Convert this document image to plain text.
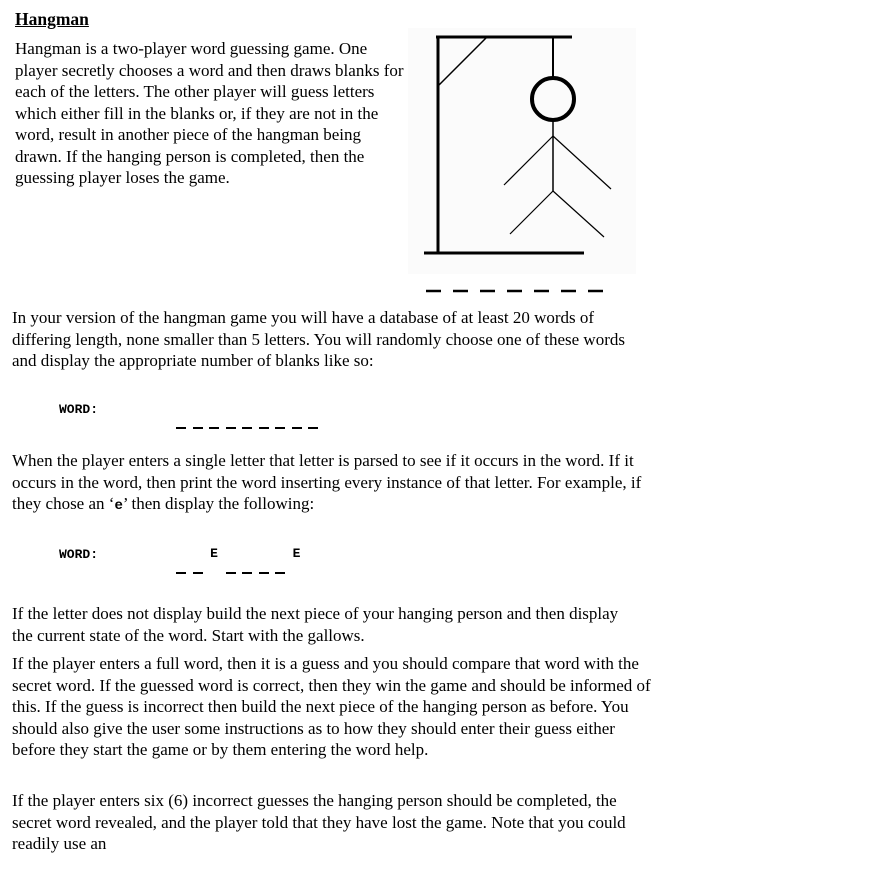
Hangman

Hangman is a two-player word guessing game. One player secretly chooses a word and then draws blanks for each of the letters. The other player will guess letters which either fill in the blanks or, if they are not in the word, result in another piece of the hangman being drawn. If the hanging person is completed, then the guessing player loses the game.

In your version of the hangman game you will have a database of at least 20 words of differing length, none smaller than 5 letters. You will randomly choose one of these words and display the appropriate number of blanks like so:

WORD:

When the player enters a single letter that letter is parsed to see if it occurs in the word. If it occurs in the word, then print the word inserting every instance of that letter. For example, if they chose an ‘e’ then display the following:

WORD:	E	E

If the letter does not display build the next piece of your hanging person and then display the current state of the word. Start with the gallows.

If the player enters a full word, then it is a guess and you should compare that word with the secret word. If the guessed word is correct, then they win the game and should be informed of this. If the guess is incorrect then build the next piece of the hanging person as before. You should also give the user some instructions as to how they should enter their guess either before they start the game or by them entering the word help.

If the player enters six (6) incorrect guesses the hanging person should be completed, the secret word revealed, and the player told that they have lost the game. Note that you could readily use an
